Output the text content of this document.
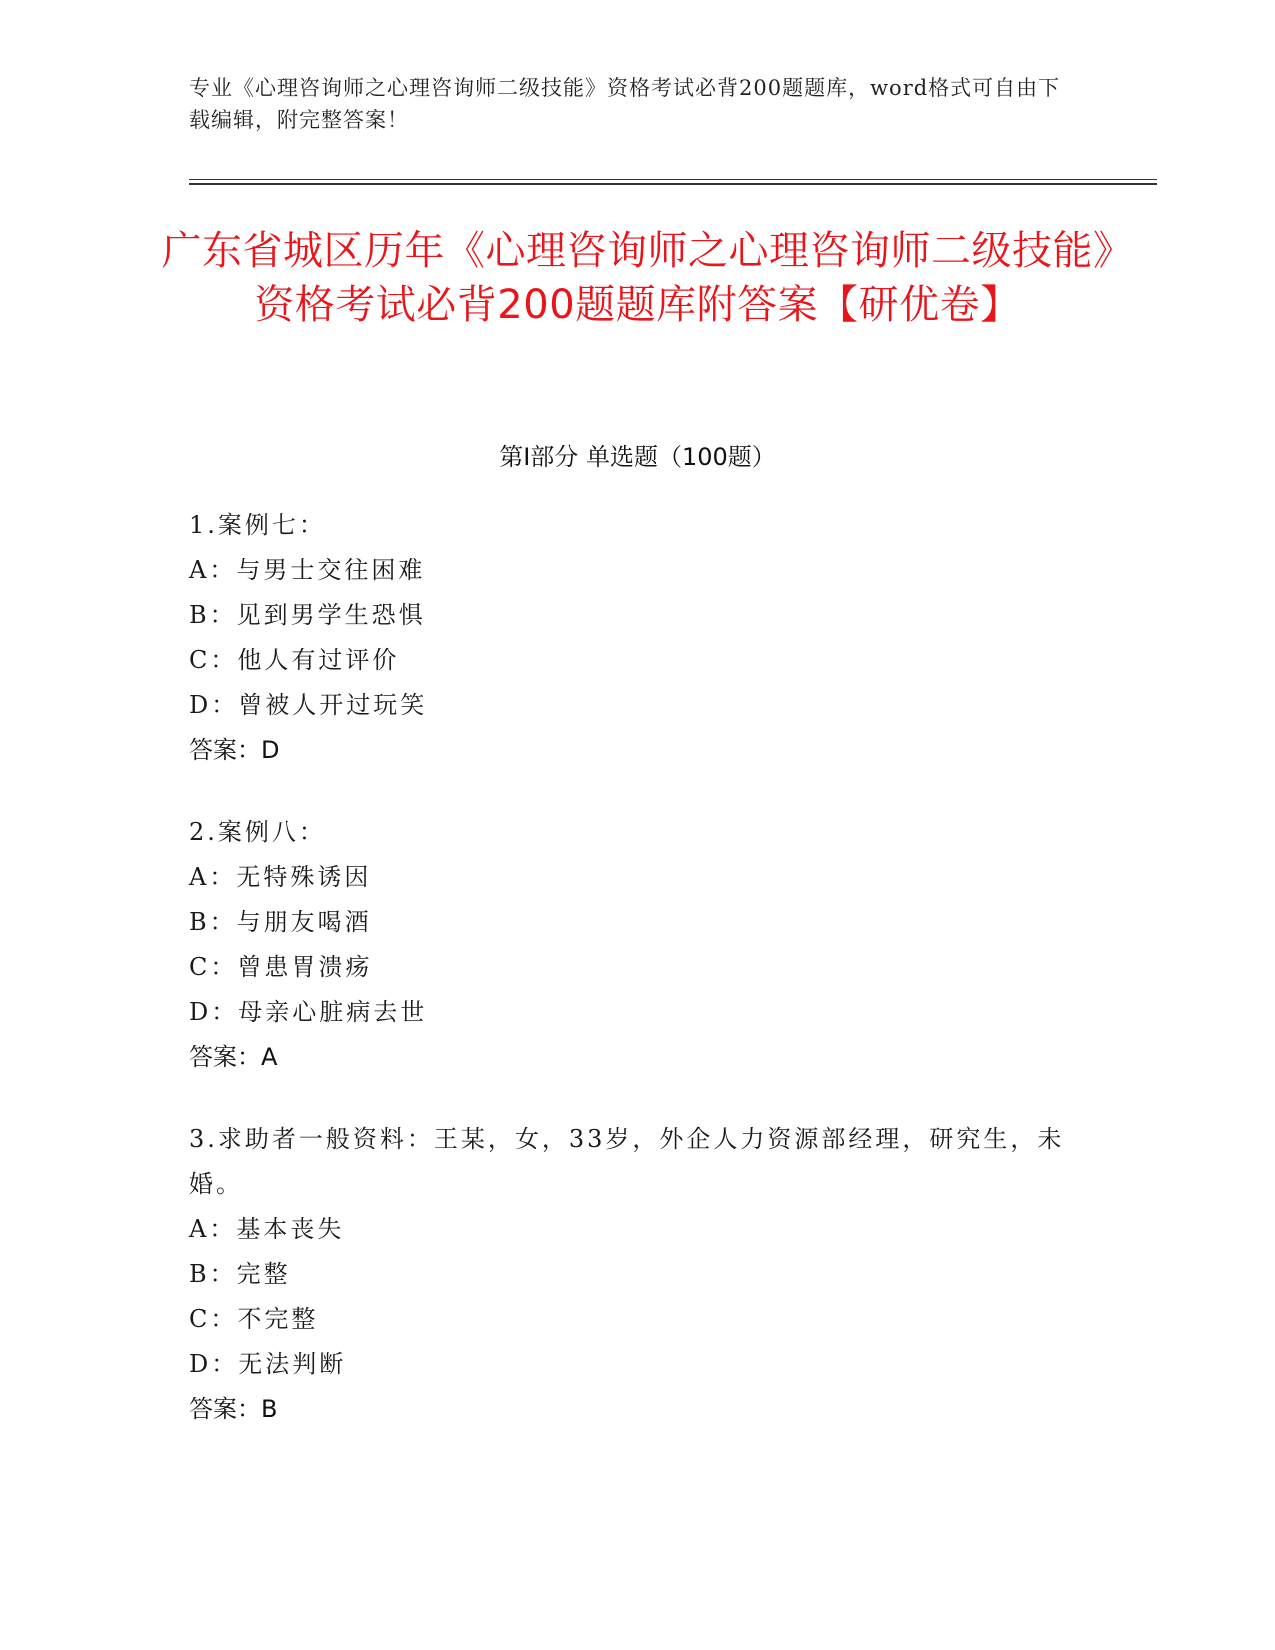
专业《心理咨询师之心理咨询师二级技能》资格考试必背200题题库，word格式可自由下载编辑，附完整答案！
广东省城区历年《心理咨询师之心理咨询师二级技能》资格考试必背200题题库附答案【研优卷】
第I部分 单选题（100题）
1.案例七：
A：与男士交往困难
B：见到男学生恐惧
C：他人有过评价
D：曾被人开过玩笑
答案：D
2.案例八：
A：无特殊诱因
B：与朋友喝酒
C：曾患胃溃疡
D：母亲心脏病去世
答案：A
3.求助者一般资料：王某，女，33岁，外企人力资源部经理，研究生，未婚。
A：基本丧失
B：完整
C：不完整
D：无法判断
答案：B
